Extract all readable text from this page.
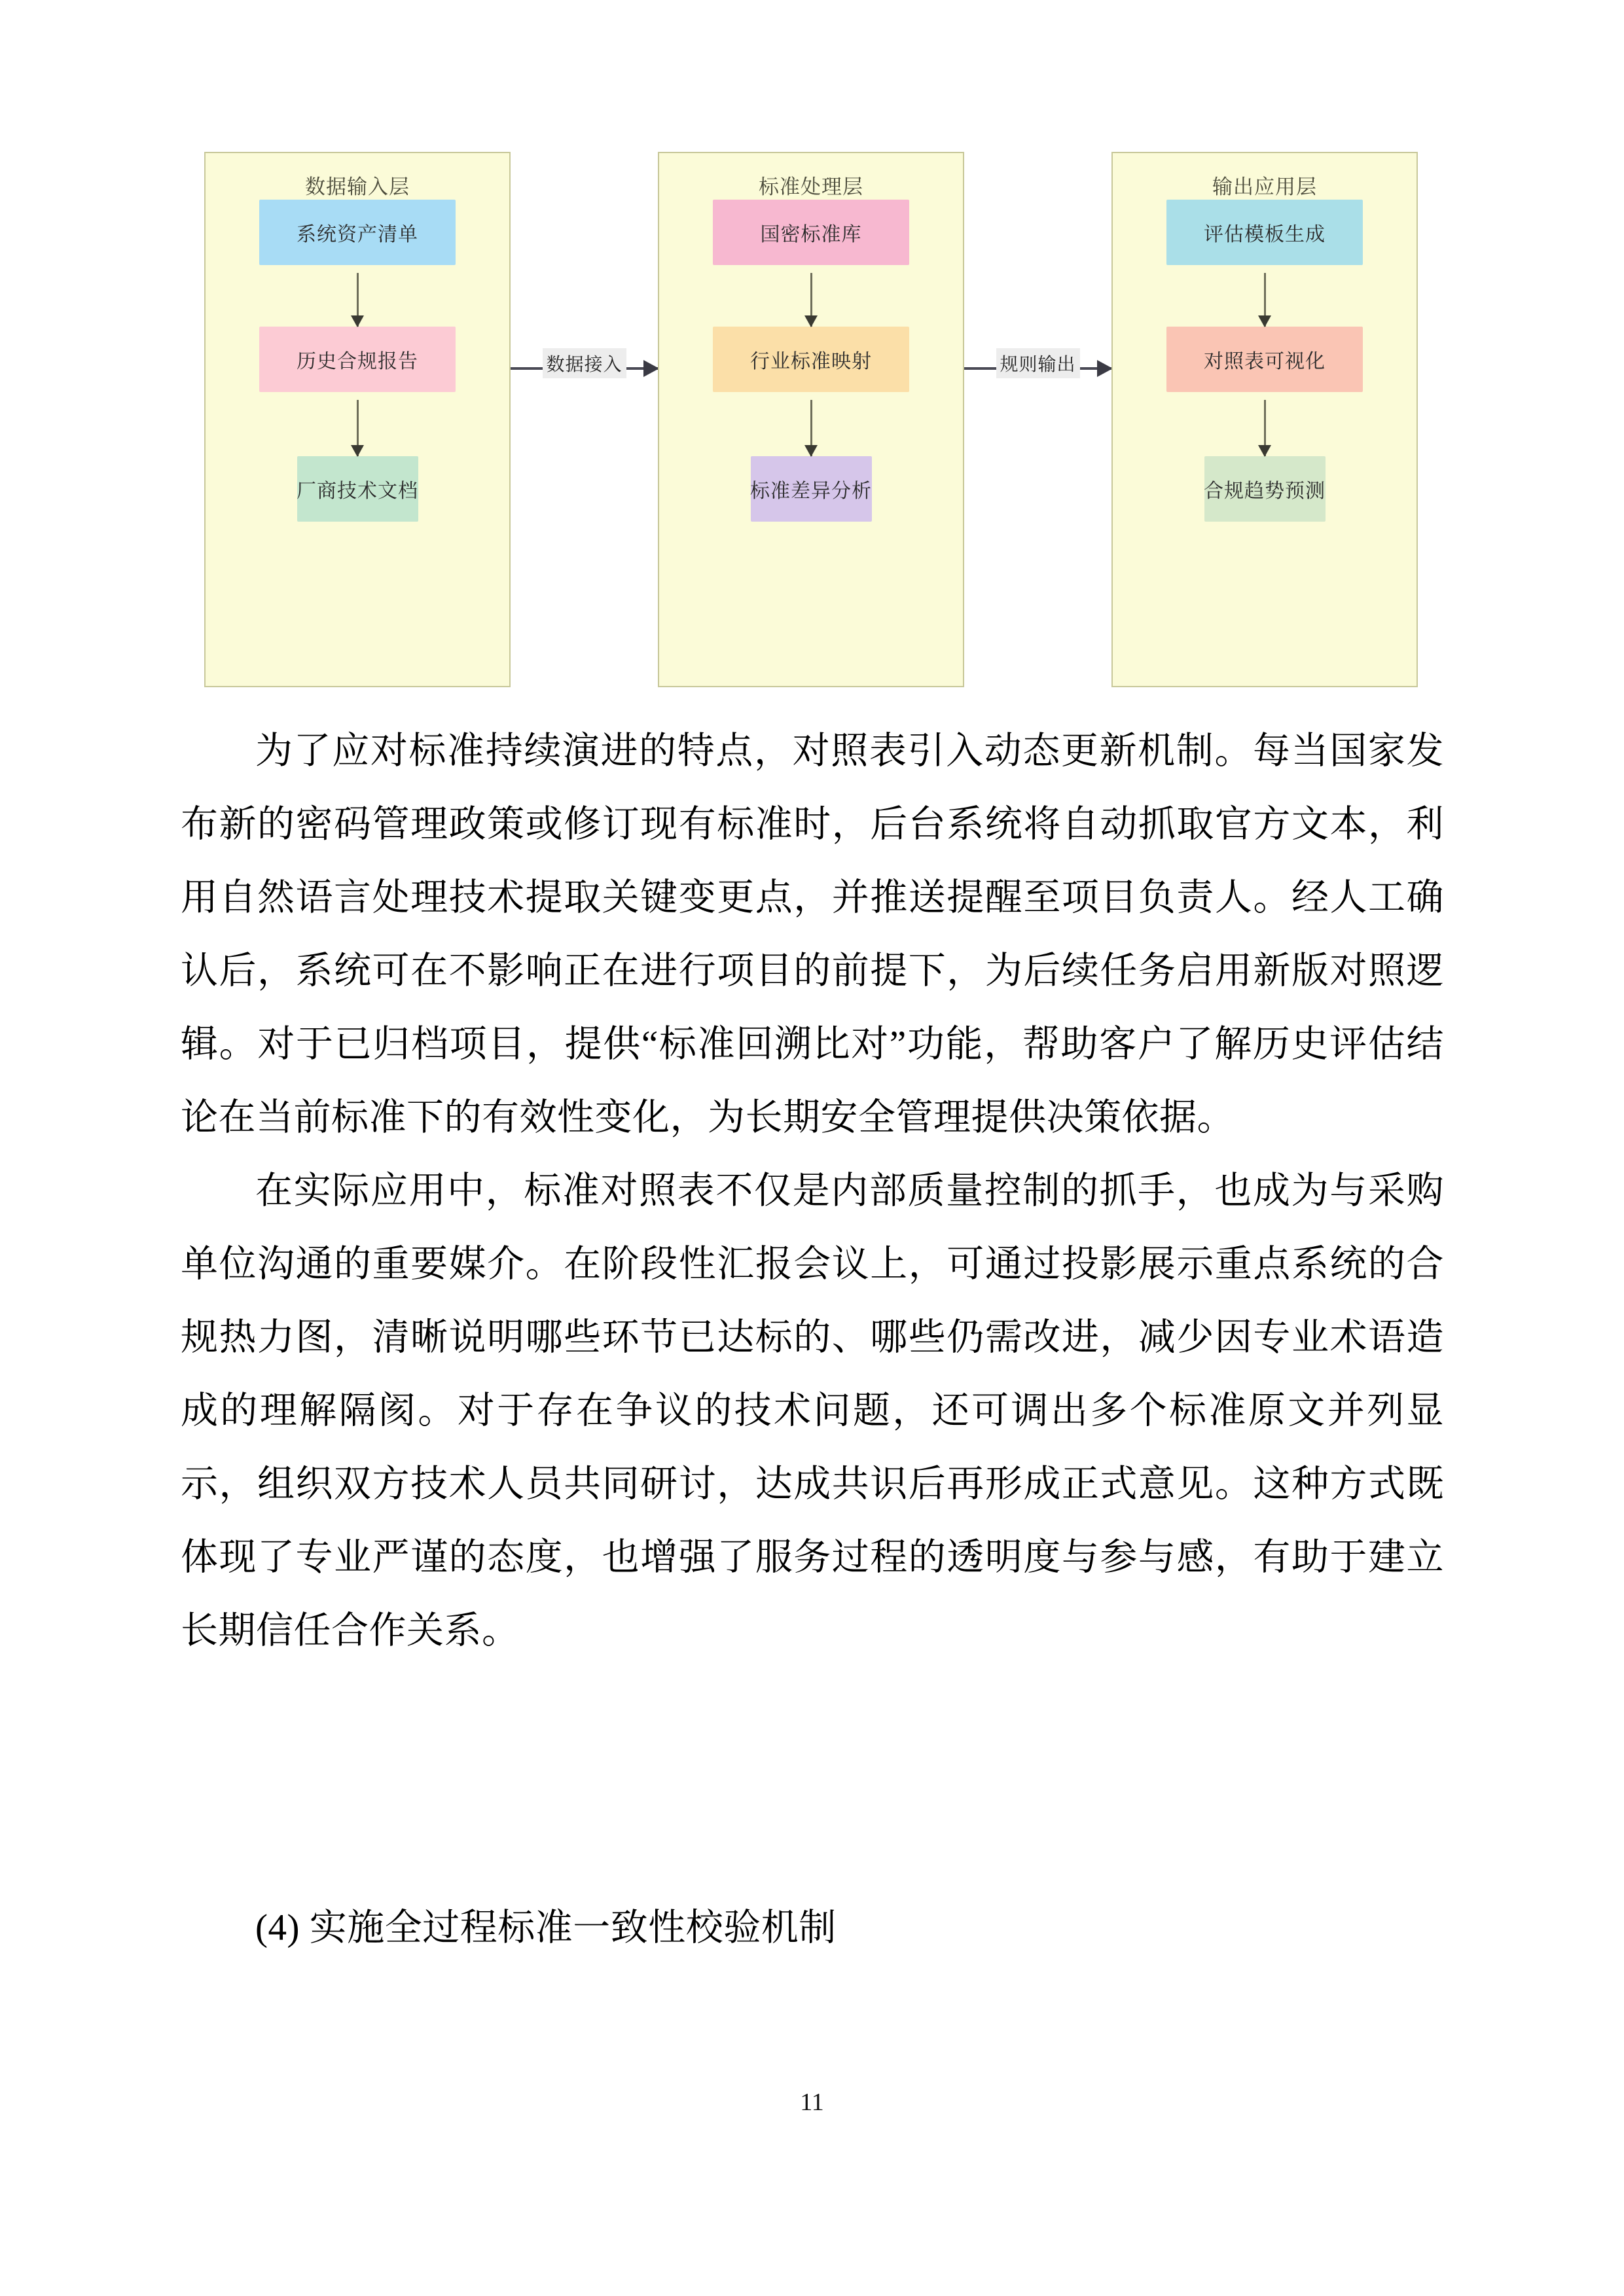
数据输入层
系统资产清单
历史合规报告
厂商技术文档
数据接入
标准处理层
国密标准库
行业标准映射
标准差异分析
规则输出
输出应用层
评估模板生成
对照表可视化
合规趋势预测

为了应对标准持续演进的特点，对照表引入动态更新机制。每当国家发布新的密码管理政策或修订现有标准时，后台系统将自动抓取官方文本，利用自然语言处理技术提取关键变更点，并推送提醒至项目负责人。经人工确认后，系统可在不影响正在进行项目的前提下，为后续任务启用新版对照逻辑。对于已归档项目，提供“标准回溯比对”功能，帮助客户了解历史评估结论在当前标准下的有效性变化，为长期安全管理提供决策依据。

在实际应用中，标准对照表不仅是内部质量控制的抓手，也成为与采购单位沟通的重要媒介。在阶段性汇报会议上，可通过投影展示重点系统的合规热力图，清晰说明哪些环节已达标的、哪些仍需改进，减少因专业术语造成的理解隔阂。对于存在争议的技术问题，还可调出多个标准原文并列显示，组织双方技术人员共同研讨，达成共识后再形成正式意见。这种方式既体现了专业严谨的态度，也增强了服务过程的透明度与参与感，有助于建立长期信任合作关系。

(4) 实施全过程标准一致性校验机制
11
